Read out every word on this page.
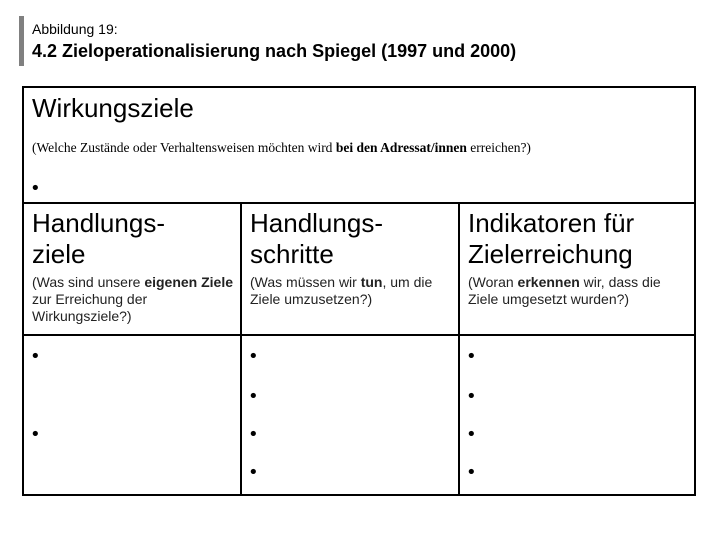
Abbildung 19:
4.2 Zieloperationalisierung nach Spiegel (1997 und 2000)
Wirkungsziele
(Welche Zustände oder Verhaltensweisen möchten wird bei den Adressat/innen erreichen?)
•
Handlungs-
ziele
(Was sind unsere eigenen Ziele zur Erreichung der Wirkungsziele?)
•
•
Handlungs-
schritte
(Was müssen wir tun, um die Ziele umzusetzen?)
•
•
•
•
Indikatoren für
Zielerreichung
(Woran erkennen wir, dass die Ziele umgesetzt wurden?)
•
•
•
•
